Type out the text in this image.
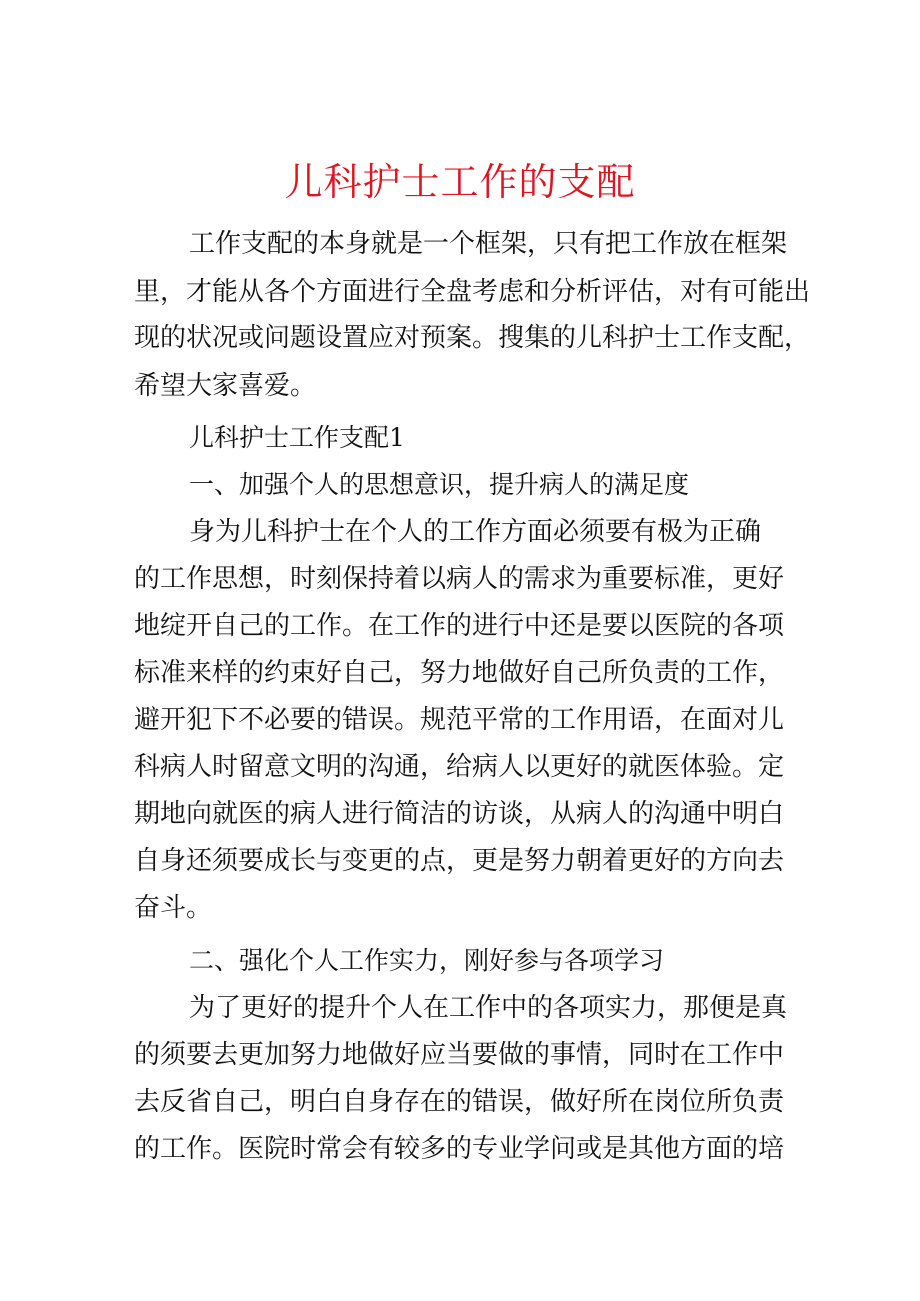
儿科护士工作的支配

工作支配的本身就是一个框架，只有把工作放在框架

里，才能从各个方面进行全盘考虑和分析评估，对有可能出

现的状况或问题设置应对预案。搜集的儿科护士工作支配，

希望大家喜爱。

儿科护士工作支配1

一、加强个人的思想意识，提升病人的满足度

身为儿科护士在个人的工作方面必须要有极为正确

的工作思想，时刻保持着以病人的需求为重要标准，更好

地绽开自己的工作。在工作的进行中还是要以医院的各项

标准来样的约束好自己，努力地做好自己所负责的工作，

避开犯下不必要的错误。规范平常的工作用语，在面对儿

科病人时留意文明的沟通，给病人以更好的就医体验。定

期地向就医的病人进行简洁的访谈，从病人的沟通中明白

自身还须要成长与变更的点，更是努力朝着更好的方向去

奋斗。

二、强化个人工作实力，刚好参与各项学习

为了更好的提升个人在工作中的各项实力，那便是真

的须要去更加努力地做好应当要做的事情，同时在工作中

去反省自己，明白自身存在的错误，做好所在岗位所负责

的工作。医院时常会有较多的专业学问或是其他方面的培
